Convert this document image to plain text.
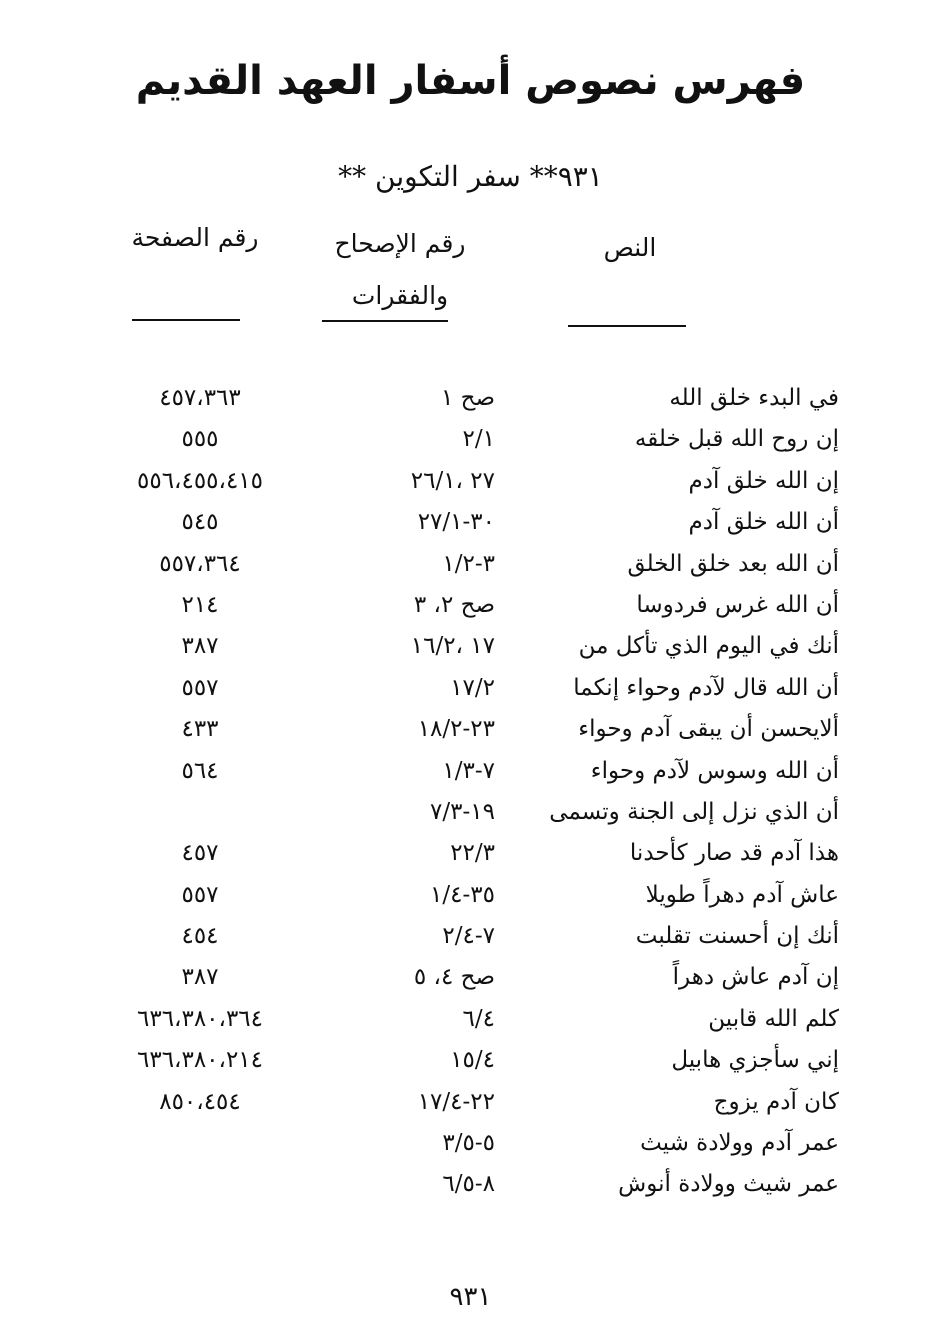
فهرس نصوص أسفار العهد القديم
٩٣١** سفر التكوين **
النص
رقم الإصحاح
والفقرات
رقم الصفحة
في البدء خلق الله
صح ١
٤٥٧،٣٦٣
إن روح الله قبل خلقه
٢/١
٥٥٥
إن الله خلق آدم
٢٧ ،٢٦/١
٥٥٦،٤٥٥،٤١٥
أن الله خلق آدم
٣٠-٢٧/١
٥٤٥
أن الله بعد خلق الخلق
٣-١/٢
٥٥٧،٣٦٤
أن الله غرس فردوسا
صح ٢، ٣
٢١٤
أنك في اليوم الذي تأكل من
١٧ ،١٦/٢
٣٨٧
أن الله قال لآدم وحواء إنكما
١٧/٢
٥٥٧
ألايحسن أن يبقى آدم وحواء
٢٣-١٨/٢
٤٣٣
أن الله وسوس لآدم وحواء
٧-١/٣
٥٦٤
أن الذي نزل إلى الجنة وتسمى
١٩-٧/٣
هذا آدم قد صار كأحدنا
٢٢/٣
٤٥٧
عاش آدم دهراً طويلا
٣٥-١/٤
٥٥٧
أنك إن أحسنت تقلبت
٧-٢/٤
٤٥٤
إن آدم عاش دهراً
صح ٤، ٥
٣٨٧
كلم الله قابين
٦/٤
٦٣٦،٣٨٠،٣٦٤
إني سأجزي هابيل
١٥/٤
٦٣٦،٣٨٠،٢١٤
كان آدم يزوج
٢٢-١٧/٤
٨٥٠،٤٥٤
عمر آدم وولادة شيث
٥-٣/٥
عمر شيث وولادة أنوش
٨-٦/٥
٩٣١
